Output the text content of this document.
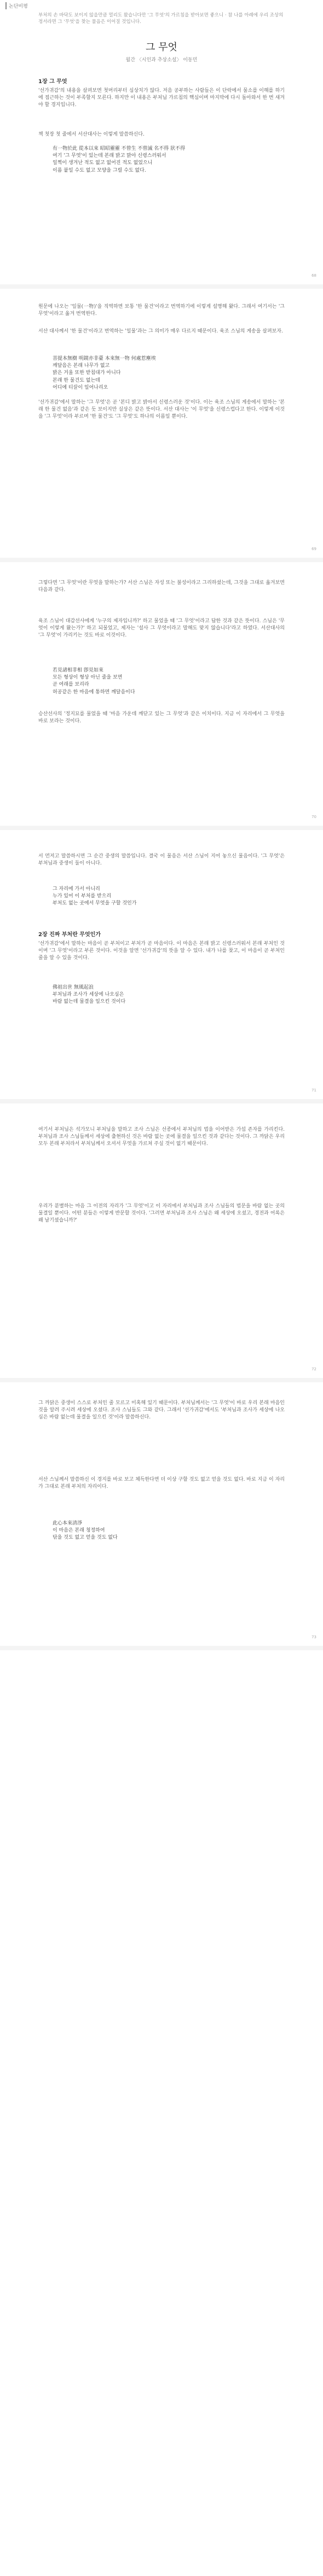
논단비평
부처의 손 바닥도 보이지 않을만큼 멀리도 왔습니다만 '그 무엇'의 가르침을 받아보면 좋으니 · 참 나를 아례에 우리 조상의 정서라면 그 '무엇'을 찾는 물음은 이어질 것입니다.
그 무엇
월간 〈시인과 추상소설〉 이동민
1장 그 무엇
'선가귀감'의 내용을 살펴보면 첫머리부터 심상치가 않다. 저음 공부하는 사람들은 이 단락에서 물소를 이해를 하기에 접근하는 것이 부족할지 모른다. 하지만 이 내용은 부처님 가르침의 핵심이며 마지막에 다시 돌아와서 한 번 새겨야 할 경지입니다.
책 첫장 첫 줄에서 서산대사는 이렇게 말씀하신다.
有一物於此 從本以來 昭昭靈靈 不曾生 不曾滅 名不得 狀不得
여기 '그 무엇'이 있는데 본래 밝고 맑아 신령스러워서
일찍이 생겨난 적도 없고 없어진 적도 없었으니
이름 붙일 수도 없고 모양을 그릴 수도 없다.
68
원문에 나오는 '일물(一物)'을 직역하면 보통 '한 물건'이라고 번역하기에 이렇게 설명해 왔다. 그래서 여기서는 '그 무엇'이라고 옮겨 번역한다.
서산 대사께서 '한 물건'이라고 번역하는 '일물'과는 그 의미가 매우 다르지 때문이다. 육조 스님의 게송을 살펴보자.
菩提本無樹 明鏡亦非臺 本來無一物 何處惹塵埃
깨달음은 본래 나무가 없고
밝은 거울 또한 받침대가 아니다
본래 한 물건도 없는데
어디에 티끌이 일어나리오
'선가귀감'에서 말하는 '그 무엇'은 곧 '본디 밝고 밝아서 신령스러운 것'이다. 이는 육조 스님의 게송에서 말하는 '본래 한 물건 없음'과 같은 듯 보이지만 실상은 같은 뜻이다. 서산 대사는 '이 무엇'을 신령스럽다고 한다. 이렇게 이것을 '그 무엇'이라 부르며 '한 물건'도 '그 무엇'도 하나의 이름일 뿐이다.
69
그렇다면 '그 무엇'이란 무엇을 말하는가? 서산 스님은 자성 또는 불성이라고 그리하셨는데, 그것을 그대로 옮겨보면 다음과 같다.
육조 스님이 대감선사에게 '누구의 제자입니까?' 하고 물었을 때 '그 무엇'이라고 답한 것과 같은 뜻이다. 스님은 '무엇이 이렇게 왔는가?' 하고 되물었고, 제자는 '설사 그 무엇이라고 말해도 맞지 않습니다'라고 하였다. 서산대사의 '그 무엇'이 가리키는 것도 바로 이것이다.
若見諸相非相 卽見如來
모든 형상이 형상 아닌 줄을 보면
곧 여래를 보리라
허공같은 한 마음에 통하면 깨달음이다
승산선사의 '정지묘를 물었을 때 '마음 가운데 깨닫고 있는 그 무엇'과 같은 이치이다. 지금 이 자리에서 그 무엇을 바로 보라는 것이다.
70
서 먼저고 말씀하시면 그 순간 중생의 말씀입니다. 결국 이 물음은 서산 스님이 지어 놓으신 물음이다. '그 무엇'은 부처님과 중생이 둘이 아니다.
그 자리에 가서 아니리
누가 있어 이 부처를 받으리
부처도 없는 곳에서 무엇을 구할 것인가
2장 진짜 부처란 무엇인가
'선가귀감'에서 말하는 마음이 곧 부처이고 부처가 곧 마음이다. 이 마음은 본래 밝고 신령스러워서 본래 부처인 것이며 '그 무엇'이라고 부른 것이다. 이것을 알면 '선가귀감'의 뜻을 알 수 있다. 내가 나를 찾고, 이 마음이 곧 부처인 줄을 알 수 있을 것이다.
佛祖出世 無風起浪
부처님과 조사가 세상에 나오심은
바람 없는데 물결을 일으킨 것이다
71
여기서 부처님은 석가모니 부처님을 말하고 조사 스님은 선종에서 부처님의 법을 이어받은 가섭 존자를 가리킨다. 부처님과 조사 스님들께서 세상에 출현하신 것은 바람 없는 곳에 물결을 일으킨 것과 같다는 것이다. 그 까닭은 우리 모두 본래 부처라서 부처님께서 오셔서 무엇을 가르쳐 주실 것이 없기 때문이다.
우리가 분별하는 마음 그 이전의 자리가 '그 무엇'이고 이 자리에서 부처님과 조사 스님들의 법문을 바람 없는 곳의 물결일 뿐이다. 어떤 분들은 이렇게 반문할 것이다. '그러면 부처님과 조사 스님은 왜 세상에 오셨고, 경전과 어록은 왜 남기셨습니까?'
72
그 까닭은 중생이 스스로 부처인 줄 모르고 미혹해 있기 때문이다. 부처님께서는 '그 무엇'이 바로 우리 본래 마음인 것을 알려 주시려 세상에 오셨다. 조사 스님들도 그와 같다. 그래서 '선가귀감'에서도 '부처님과 조사가 세상에 나오심은 바람 없는데 물결을 일으킨 것'이라 말씀하신다.
서산 스님께서 말씀하신 이 경지를 바로 보고 체득한다면 더 이상 구할 것도 없고 얻을 것도 없다. 바로 지금 이 자리가 그대로 본래 부처의 자리이다.
此心本來淸淨
이 마음은 본래 청정하여
닦을 것도 없고 얻을 것도 없다
73
